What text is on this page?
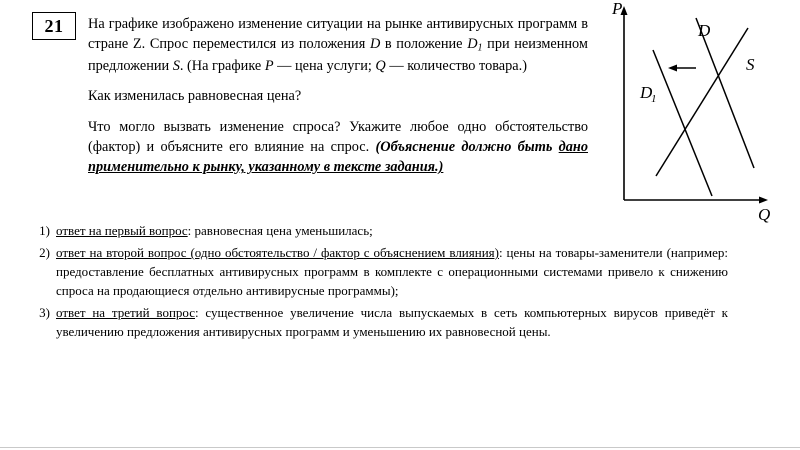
21 На графике изображено изменение ситуации на рынке антивирусных программ в стране Z. Спрос переместился из положения D в положение $D_1$ при неизменном предложении S. (На графике P — цена услуги; Q — количество товара.)

Как изменилась равновесная цена?

Что могло вызвать изменение спроса? Укажите любое одно обстоятельство (фактор) и объясните его влияние на спрос. (Объяснение должно быть дано применительно к рынку, указанному в тексте задания.)

P
Q
D
S
D
1
1) ответ на первый вопрос: равновесная цена уменьшилась;
2) ответ на второй вопрос (одно обстоятельство / фактор с объяснением влияния): цены на товары-заменители (например: предоставление бесплатных антивирусных программ в комплекте с операционными системами привело к снижению спроса на продающиеся отдельно антивирусные программы);
3) ответ на третий вопрос: существенное увеличение числа выпускаемых в сеть компьютерных вирусов приведёт к увеличению предложения антивирусных программ и уменьшению их равновесной цены.
